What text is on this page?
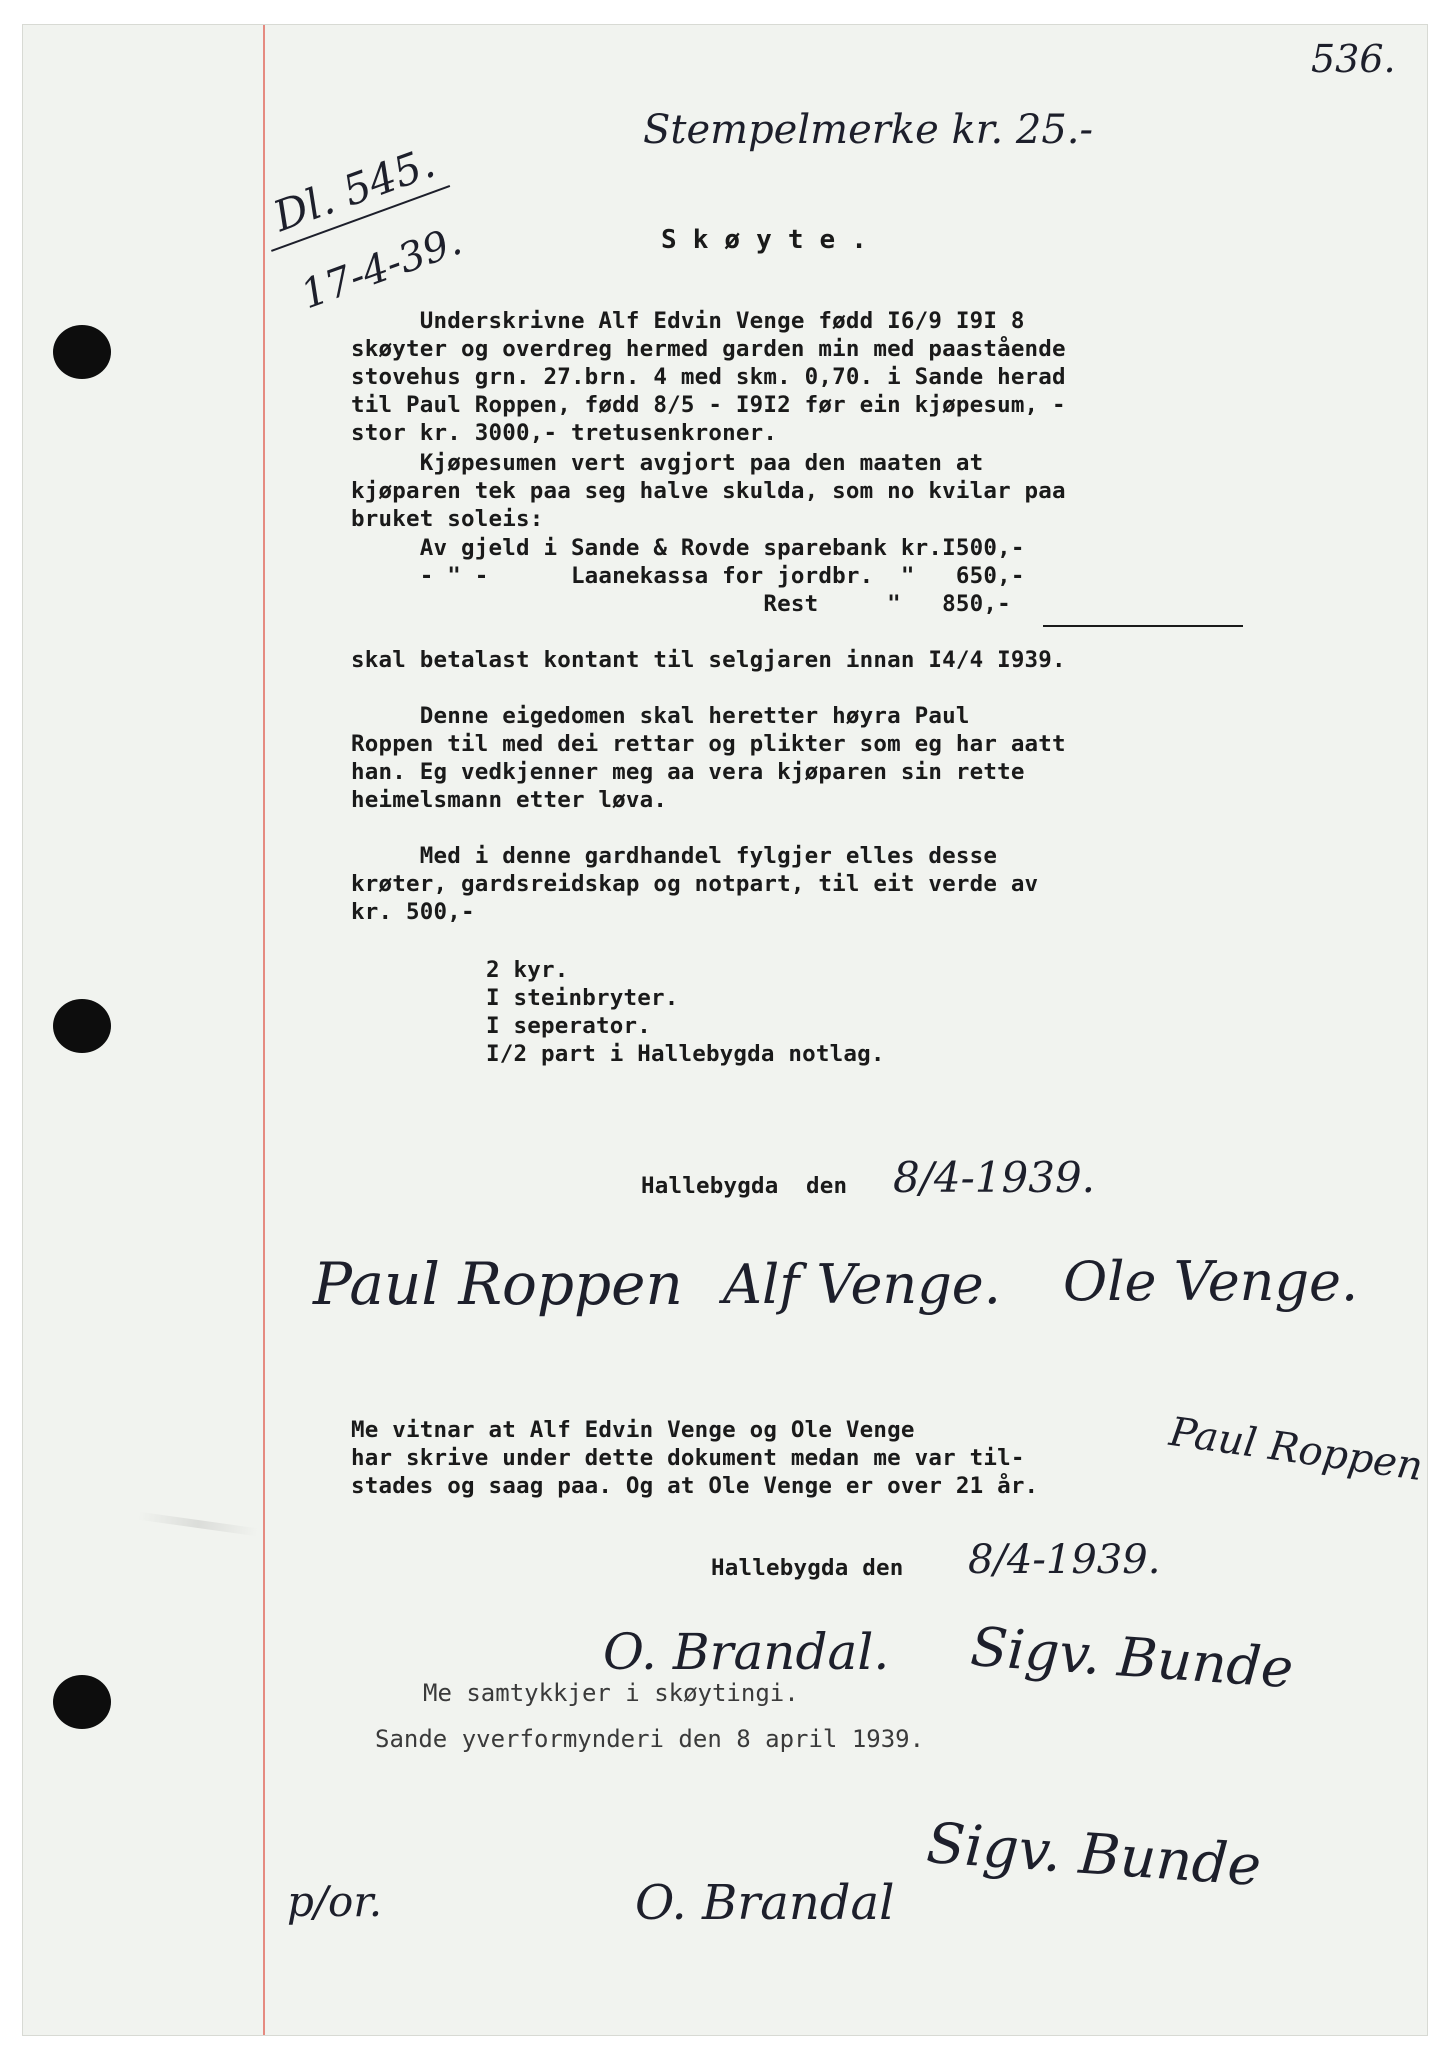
536.
Stempelmerke kr. 25.-
Dl. 545.
17-4-39.	S k ø y t e .
Underskrivne Alf Edvin Venge fødd I6/9 I9I 8
skøyter og overdreg hermed garden min med paastående
stovehus grn. 27.brn. 4 med skm. 0,70. i Sande herad
til Paul Roppen, fødd 8/5 - I9I2 før ein kjøpesum, -
stor kr. 3000,- tretusenkroner.
Kjøpesumen vert avgjort paa den maaten at
kjøparen tek paa seg halve skulda, som no kvilar paa
bruket soleis:
Av gjeld i Sande & Rovde sparebank kr.I500,-
- " -      Laanekassa for jordbr.  "   650,-
Rest     "   850,-
skal betalast kontant til selgjaren innan I4/4 I939.
Denne eigedomen skal heretter høyra Paul
Roppen til med dei rettar og plikter som eg har aatt
han. Eg vedkjenner meg aa vera kjøparen sin rette
heimelsmann etter løva.
Med i denne gardhandel fylgjer elles desse
krøter, gardsreidskap og notpart, til eit verde av
kr. 500,-
2 kyr.
I steinbryter.
I seperator.
I/2 part i Hallebygda notlag.
Hallebygda  den 8/4-1939.
Paul Roppen Alf Venge. Ole Venge.
Me vitnar at Alf Edvin Venge og Ole Venge
har skrive under dette dokument medan me var til-
stades og saag paa. Og at Ole Venge er over 21 år.	Paul Roppen
Hallebygda den 8/4-1939.
O. Brandal. Sigv. Bunde
Me samtykkjer i skøytingi.
Sande yverformynderi den 8 april 1939.
Sigv. Bunde
O. Brandal
p/or.
